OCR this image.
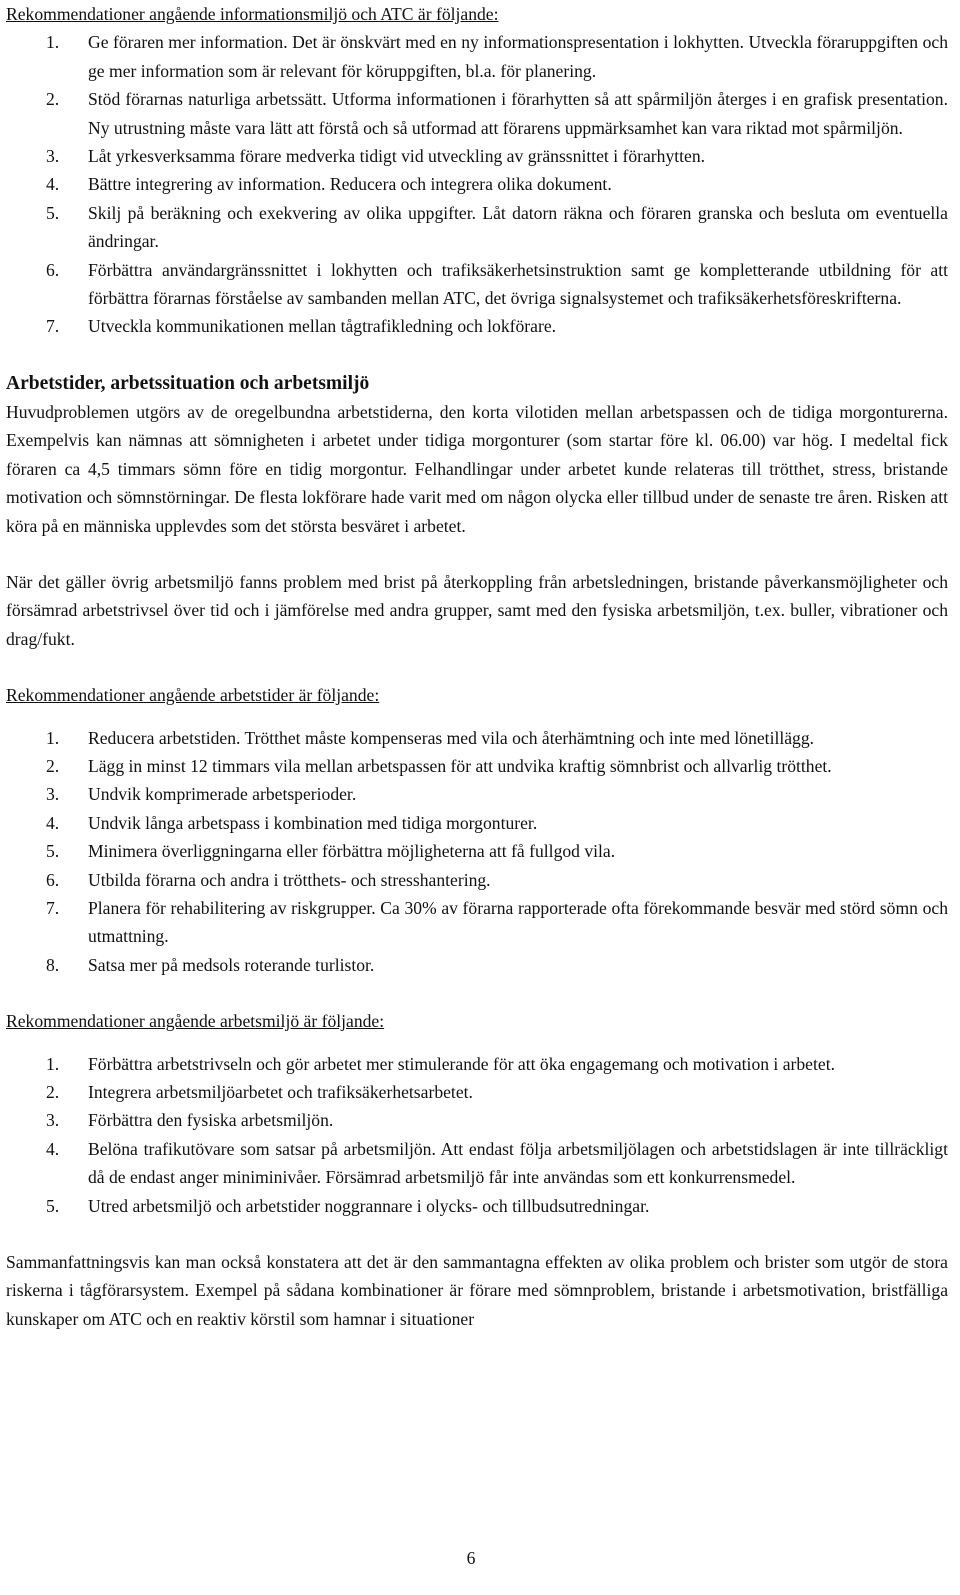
Rekommendationer angående informationsmiljö och ATC är följande:

1. Ge föraren mer information. Det är önskvärt med en ny informationspresentation i lokhytten. Utveckla föraruppgiften och ge mer information som är relevant för köruppgiften, bl.a. för planering.
2. Stöd förarnas naturliga arbetssätt. Utforma informationen i förarhytten så att spårmiljön återges i en grafisk presentation. Ny utrustning måste vara lätt att förstå och så utformad att förarens uppmärksamhet kan vara riktad mot spårmiljön.
3. Låt yrkesverksamma förare medverka tidigt vid utveckling av gränssnittet i förarhytten.
4. Bättre integrering av information. Reducera och integrera olika dokument.
5. Skilj på beräkning och exekvering av olika uppgifter. Låt datorn räkna och föraren granska och besluta om eventuella ändringar.
6. Förbättra användargränssnittet i lokhytten och trafiksäkerhetsinstruktion samt ge kompletterande utbildning för att förbättra förarnas förståelse av sambanden mellan ATC, det övriga signalsystemet och trafiksäkerhetsföreskrifterna.
7. Utveckla kommunikationen mellan tågtrafikledning och lokförare.

Arbetstider, arbetssituation och arbetsmiljö

Huvudproblemen utgörs av de oregelbundna arbetstiderna, den korta vilotiden mellan arbetspassen och de tidiga morgonturerna. Exempelvis kan nämnas att sömnigheten i arbetet under tidiga morgonturer (som startar före kl. 06.00) var hög. I medeltal fick föraren ca 4,5 timmars sömn före en tidig morgontur. Felhandlingar under arbetet kunde relateras till trötthet, stress, bristande motivation och sömnstörningar. De flesta lokförare hade varit med om någon olycka eller tillbud under de senaste tre åren. Risken att köra på en människa upplevdes som det största besväret i arbetet.

När det gäller övrig arbetsmiljö fanns problem med brist på återkoppling från arbetsledningen, bristande påverkansmöjligheter och försämrad arbetstrivsel över tid och i jämförelse med andra grupper, samt med den fysiska arbetsmiljön, t.ex. buller, vibrationer och drag/fukt.

Rekommendationer angående arbetstider är följande:

1. Reducera arbetstiden. Trötthet måste kompenseras med vila och återhämtning och inte med lönetillägg.
2. Lägg in minst 12 timmars vila mellan arbetspassen för att undvika kraftig sömnbrist och allvarlig trötthet.
3. Undvik komprimerade arbetsperioder.
4. Undvik långa arbetspass i kombination med tidiga morgonturer.
5. Minimera överliggningarna eller förbättra möjligheterna att få fullgod vila.
6. Utbilda förarna och andra i trötthets- och stresshantering.
7. Planera för rehabilitering av riskgrupper. Ca 30% av förarna rapporterade ofta förekommande besvär med störd sömn och utmattning.
8. Satsa mer på medsols roterande turlistor.

Rekommendationer angående arbetsmiljö är följande:

1. Förbättra arbetstrivseln och gör arbetet mer stimulerande för att öka engagemang och motivation i arbetet.
2. Integrera arbetsmiljöarbetet och trafiksäkerhetsarbetet.
3. Förbättra den fysiska arbetsmiljön.
4. Belöna trafikutövare som satsar på arbetsmiljön. Att endast följa arbetsmiljölagen och arbetstidslagen är inte tillräckligt då de endast anger miniminivåer. Försämrad arbetsmiljö får inte användas som ett konkurrensmedel.
5. Utred arbetsmiljö och arbetstider noggrannare i olycks- och tillbudsutredningar.

Sammanfattningsvis kan man också konstatera att det är den sammantagna effekten av olika problem och brister som utgör de stora riskerna i tågförarsystem. Exempel på sådana kombinationer är förare med sömnproblem, bristande i arbetsmotivation, bristfälliga kunskaper om ATC och en reaktiv körstil som hamnar i situationer

6
